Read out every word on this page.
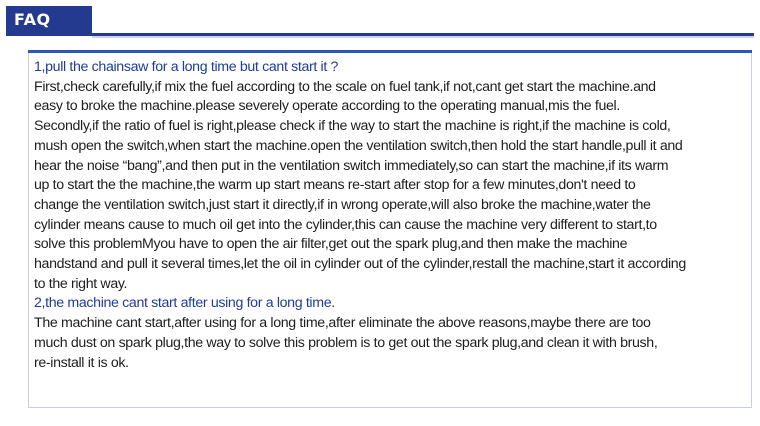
FAQ

1,pull the chainsaw for a long time but cant start it ?

First,check carefully,if mix the fuel according to the scale on fuel tank,if not,cant get start the machine.and

easy to broke the machine.please severely operate according to the operating manual,mis the fuel.

Secondly,if the ratio of fuel is right,please check if the way to start the machine is right,if the machine is cold,

mush open the switch,when start the machine.open the ventilation switch,then hold the start handle,pull it and

hear the noise “bang”,and then put in the ventilation switch immediately,so can start the machine,if its warm

up to start the the machine,the warm up start means re-start after stop for a few minutes,don't need to

change the ventilation switch,just start it directly,if in wrong operate,will also broke the machine,water the

cylinder means cause to much oil get into the cylinder,this can cause the machine very different to start,to

solve this problemMyou have to open the air filter,get out the spark plug,and then make the machine

handstand and pull it several times,let the oil in cylinder out of the cylinder,restall the machine,start it according

to the right way.

2,the machine cant start after using for a long time.

The machine cant start,after using for a long time,after eliminate the above reasons,maybe there are too

much dust on spark plug,the way to solve this problem is to get out the spark plug,and clean it with brush,

re-install it is ok.
